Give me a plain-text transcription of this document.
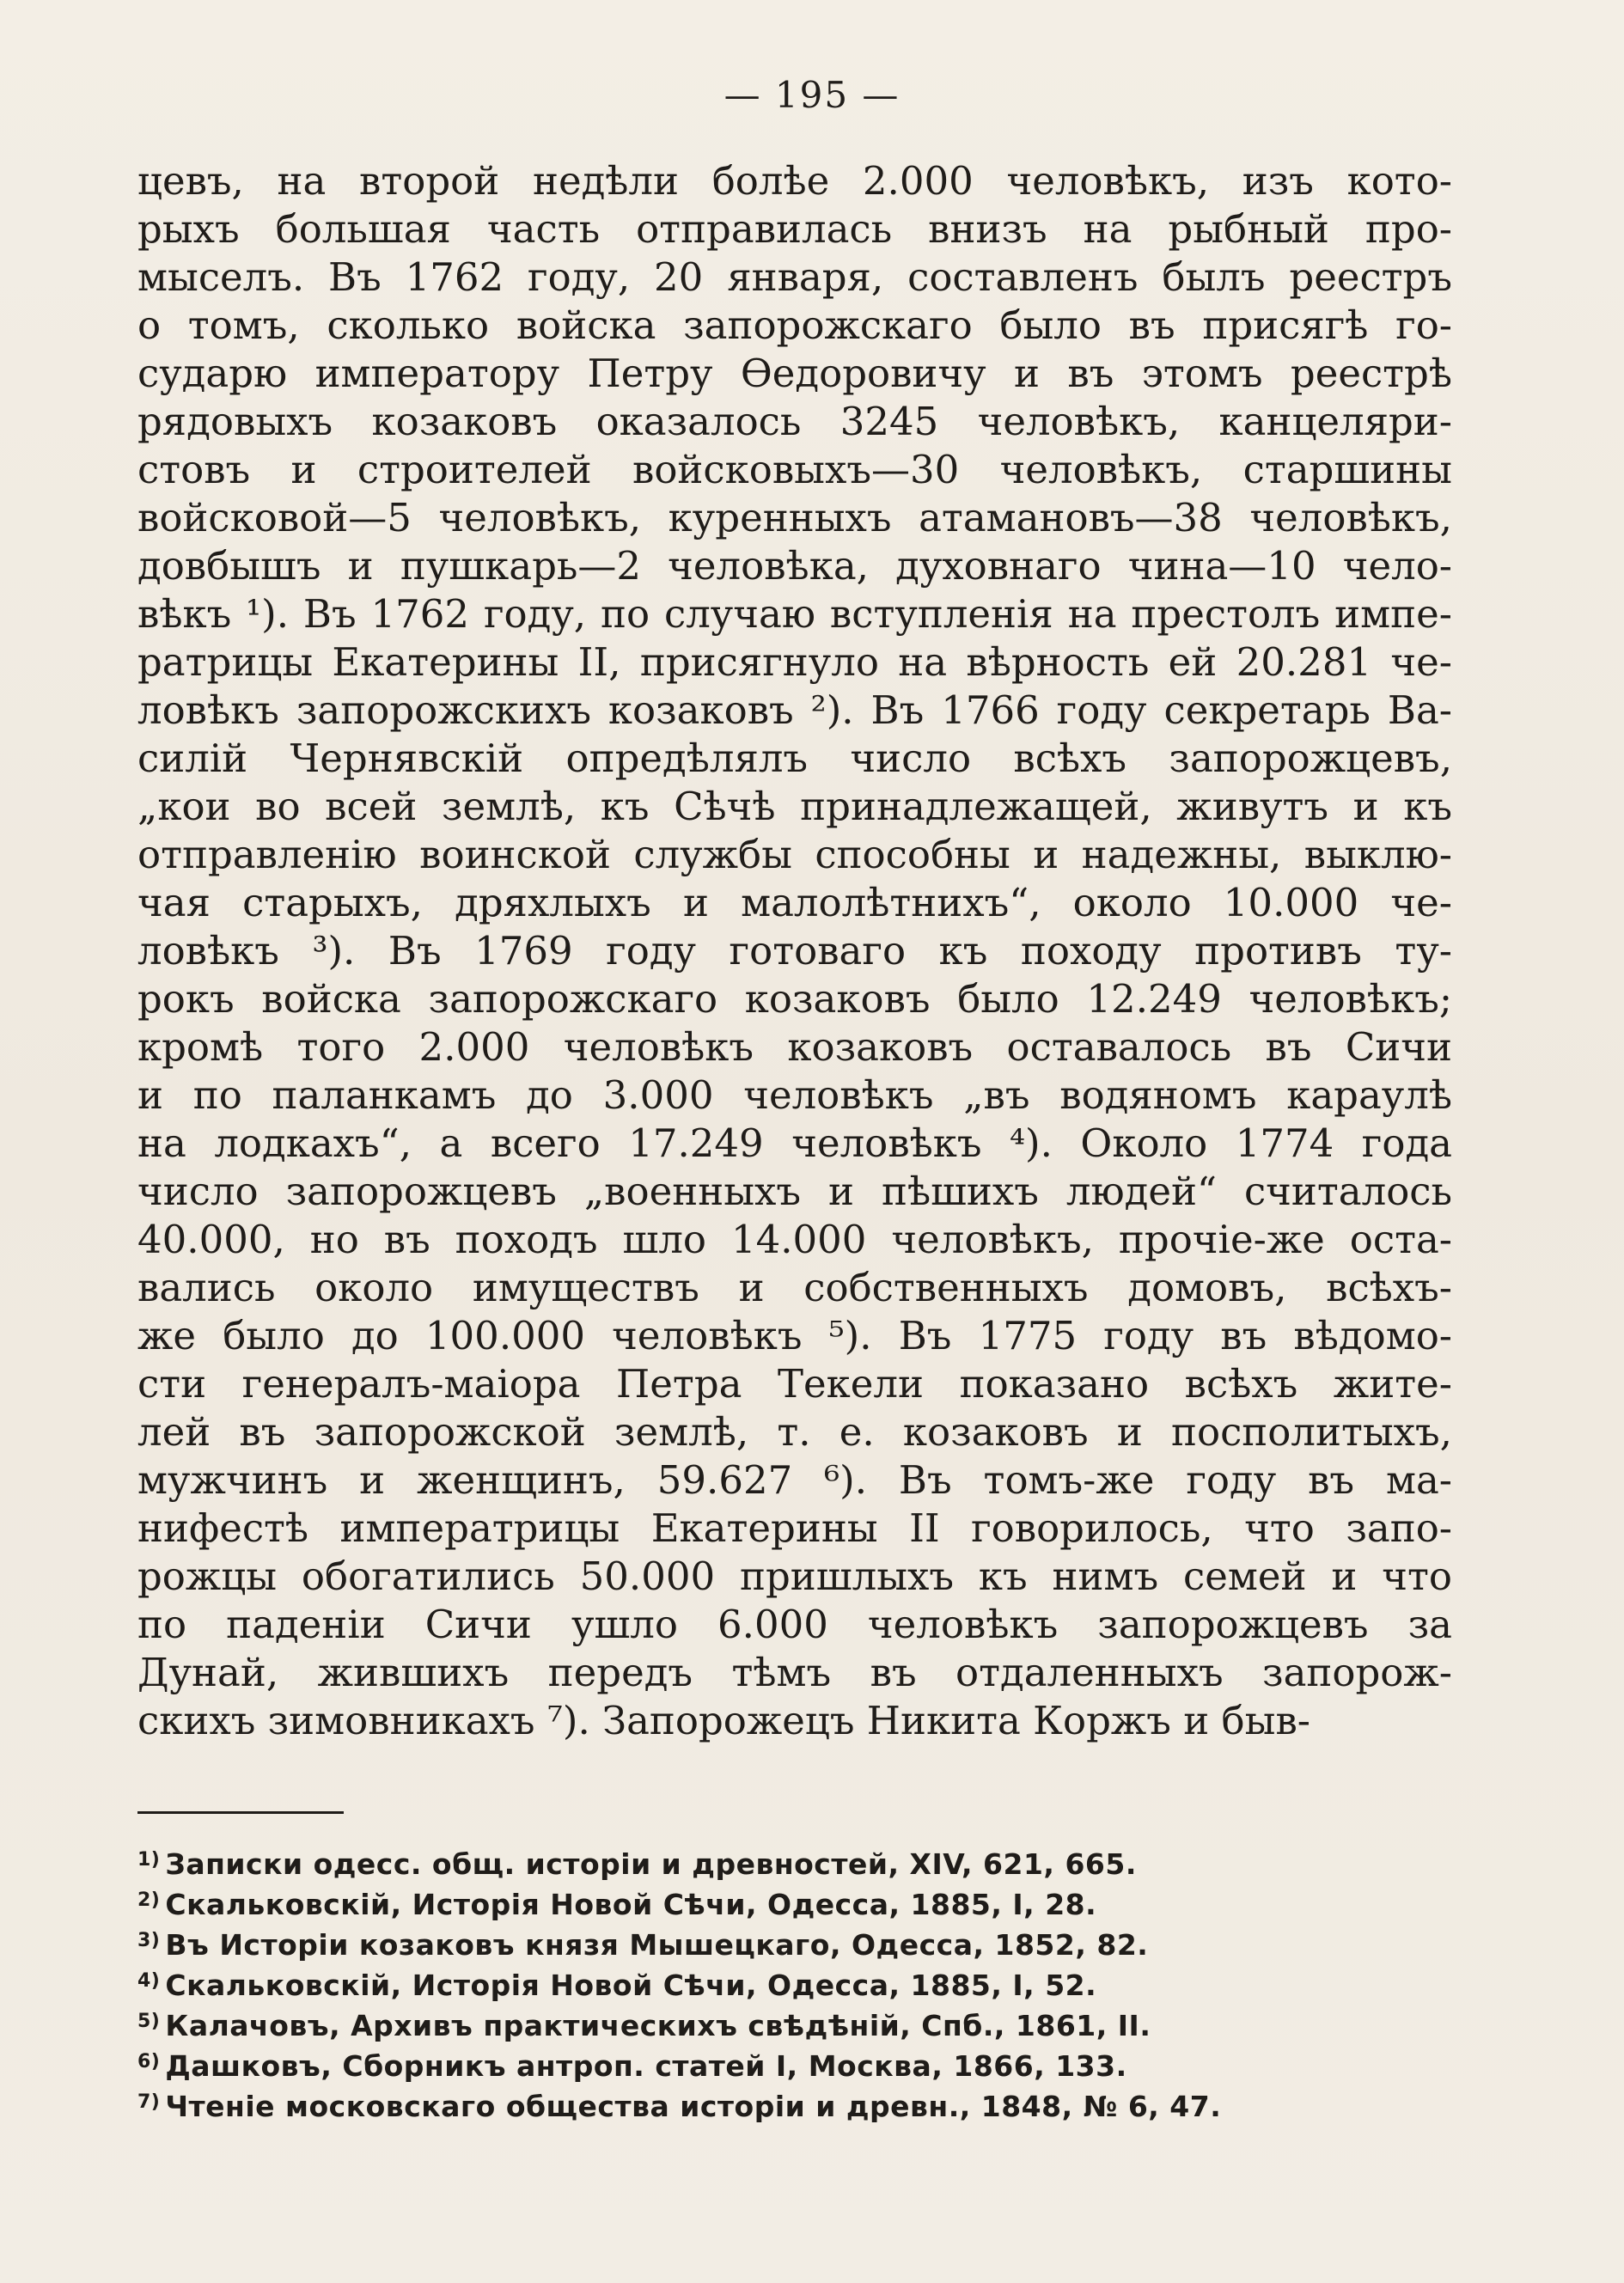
— 195 —
цевъ, на второй недѣли болѣе 2.000 человѣкъ, изъ кото-
рыхъ большая часть отправилась внизъ на рыбный про-
мыселъ. Въ 1762 году, 20 января, составленъ былъ реестръ
о томъ, сколько войска запорожскаго было въ присягѣ го-
сударю императору Петру Ѳедоровичу и въ этомъ реестрѣ
рядовыхъ козаковъ оказалось 3245 человѣкъ, канцеляри-
стовъ и строителей войсковыхъ—30 человѣкъ, старшины
войсковой—5 человѣкъ, куренныхъ атамановъ—38 человѣкъ,
довбышъ и пушкарь—2 человѣка, духовнаго чина—10 чело-
вѣкъ ¹). Въ 1762 году, по случаю вступленія на престолъ импе-
ратрицы Екатерины II, присягнуло на вѣрность ей 20.281 че-
ловѣкъ запорожскихъ козаковъ ²). Въ 1766 году секретарь Ва-
силій Чернявскій опредѣлялъ число всѣхъ запорожцевъ,
„кои во всей землѣ, къ Сѣчѣ принадлежащей, живутъ и къ
отправленію воинской службы способны и надежны, выклю-
чая старыхъ, дряхлыхъ и малолѣтнихъ“, около 10.000 че-
ловѣкъ ³). Въ 1769 году готоваго къ походу противъ ту-
рокъ войска запорожскаго козаковъ было 12.249 человѣкъ;
кромѣ того 2.000 человѣкъ козаковъ оставалось въ Сичи
и по паланкамъ до 3.000 человѣкъ „въ водяномъ караулѣ
на лодкахъ“, а всего 17.249 человѣкъ ⁴). Около 1774 года
число запорожцевъ „военныхъ и пѣшихъ людей“ считалось
40.000, но въ походъ шло 14.000 человѣкъ, прочіе-же оста-
вались около имуществъ и собственныхъ домовъ, всѣхъ-
же было до 100.000 человѣкъ ⁵). Въ 1775 году въ вѣдомо-
сти генералъ-маіора Петра Текели показано всѣхъ жите-
лей въ запорожской землѣ, т. е. козаковъ и посполитыхъ,
мужчинъ и женщинъ, 59.627 ⁶). Въ томъ-же году въ ма-
нифестѣ императрицы Екатерины II говорилось, что запо-
рожцы обогатились 50.000 пришлыхъ къ нимъ семей и что
по паденіи Сичи ушло 6.000 человѣкъ запорожцевъ за
Дунай, жившихъ передъ тѣмъ въ отдаленныхъ запорож-
скихъ зимовникахъ ⁷). Запорожецъ Никита Коржъ и быв-
$^{1)}$ Записки одесс. общ. исторіи и древностей, XIV, 621, 665.
$^{2)}$ Скальковскій, Исторія Новой Сѣчи, Одесса, 1885, I, 28.
$^{3)}$ Въ Исторіи козаковъ князя Мышецкаго, Одесса, 1852, 82.
$^{4)}$ Скальковскій, Исторія Новой Сѣчи, Одесса, 1885, I, 52.
$^{5)}$ Калачовъ, Архивъ практическихъ свѣдѣній, Спб., 1861, II.
$^{6)}$ Дашковъ, Сборникъ антроп. статей I, Москва, 1866, 133.
$^{7)}$ Чтеніе московскаго общества исторіи и древн., 1848, № 6, 47.
